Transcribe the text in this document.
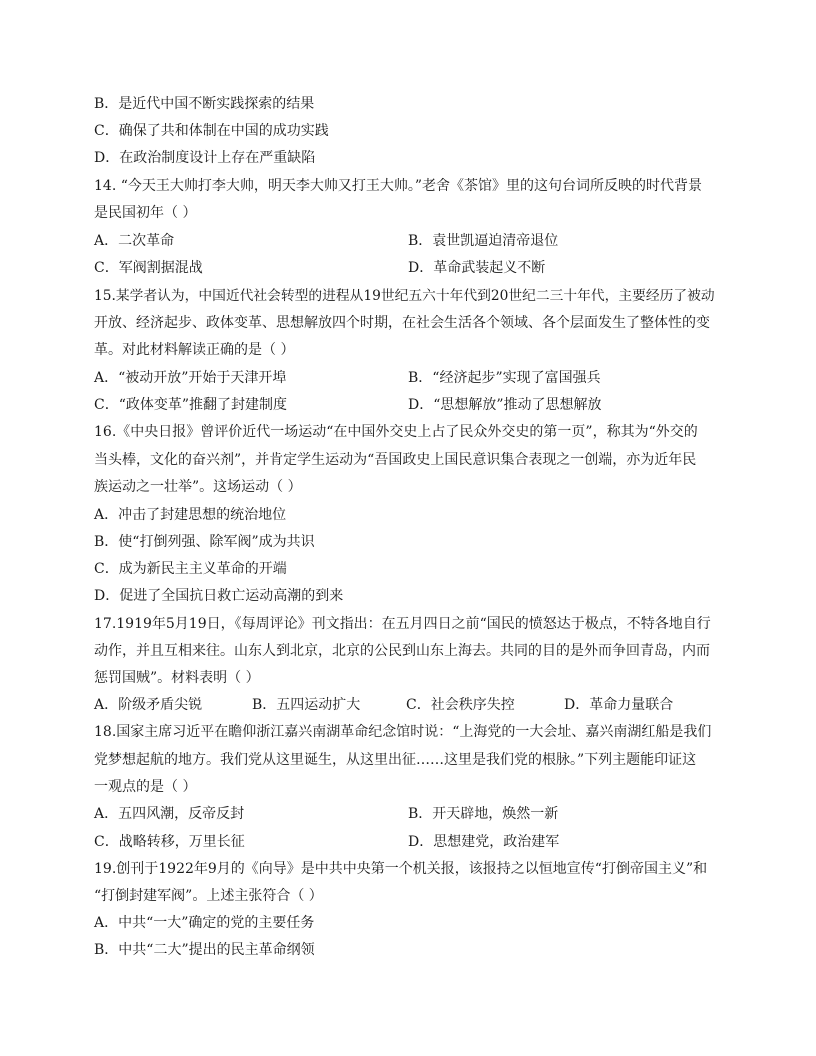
B．是近代中国不断实践探索的结果
C．确保了共和体制在中国的成功实践
D．在政治制度设计上存在严重缺陷
14. “今天王大帅打李大帅，明天李大帅又打王大帅。”老舍《茶馆》里的这句台词所反映的时代背景
是民国初年（ ）
A．二次革命	B．袁世凯逼迫清帝退位
C．军阀割据混战	D．革命武装起义不断
15.某学者认为，中国近代社会转型的进程从19世纪五六十年代到20世纪二三十年代，主要经历了被动
开放、经济起步、政体变革、思想解放四个时期，在社会生活各个领域、各个层面发生了整体性的变
革。对此材料解读正确的是（ ）
A．“被动开放”开始于天津开埠	B．“经济起步”实现了富国强兵
C．“政体变革”推翻了封建制度	D．“思想解放”推动了思想解放
16.《中央日报》曾评价近代一场运动“在中国外交史上占了民众外交史的第一页”，称其为“外交的
当头棒，文化的奋兴剂”，并肯定学生运动为“吾国政史上国民意识集合表现之一创端，亦为近年民
族运动之一壮举”。这场运动（ ）
A．冲击了封建思想的统治地位
B．使“打倒列强、除军阀”成为共识
C．成为新民主主义革命的开端
D．促进了全国抗日救亡运动高潮的到来
17.1919年5月19日，《每周评论》刊文指出：在五月四日之前“国民的愤怒达于极点，不特各地自行
动作，并且互相来往。山东人到北京，北京的公民到山东上海去。共同的目的是外而争回青岛，内而
惩罚国贼”。材料表明（ ）
A．阶级矛盾尖锐	B．五四运动扩大	C．社会秩序失控	D．革命力量联合
18.国家主席习近平在瞻仰浙江嘉兴南湖革命纪念馆时说：“上海党的一大会址、嘉兴南湖红船是我们
党梦想起航的地方。我们党从这里诞生，从这里出征……这里是我们党的根脉。”下列主题能印证这
一观点的是（ ）
A．五四风潮，反帝反封	B．开天辟地，焕然一新
C．战略转移，万里长征	D．思想建党，政治建军
19.创刊于1922年9月的《向导》是中共中央第一个机关报，该报持之以恒地宣传“打倒帝国主义”和
“打倒封建军阀”。上述主张符合（ ）
A．中共“一大”确定的党的主要任务
B．中共“二大”提出的民主革命纲领
